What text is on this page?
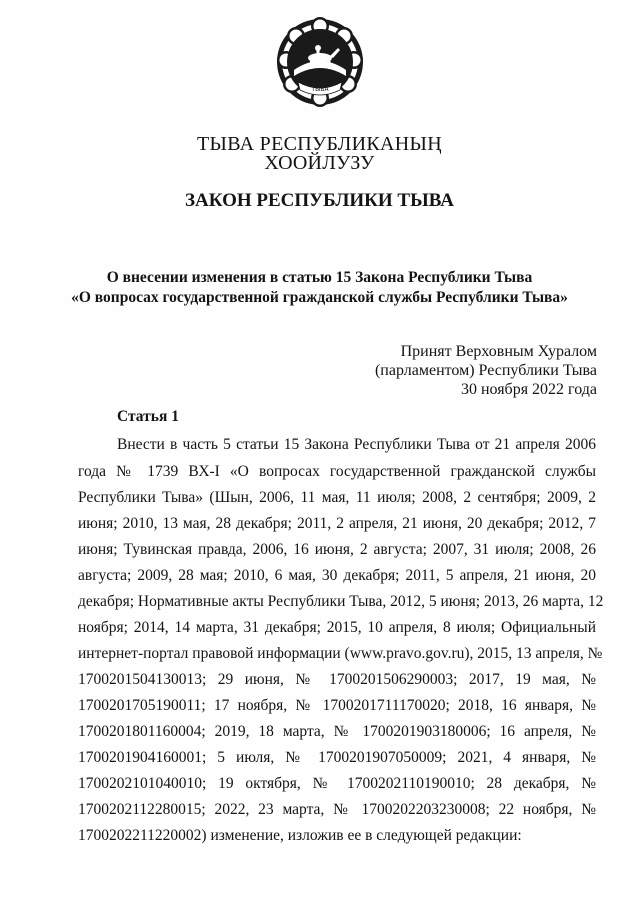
ТЫВА
ТЫВА РЕСПУБЛИКАНЫҢ
ХООЙЛУЗУ
ЗАКОН РЕСПУБЛИКИ ТЫВА
О внесении изменения в статью 15 Закона Республики Тыва
«О вопросах государственной гражданской службы Республики Тыва»
Принят Верховным Хуралом
(парламентом) Республики Тыва
30 ноября 2022 года
Статья 1
Внести в часть 5 статьи 15 Закона Республики Тыва от 21 апреля 2006
года № 1739 ВХ-I «О вопросах государственной гражданской службы
Республики Тыва» (Шын, 2006, 11 мая, 11 июля; 2008, 2 сентября; 2009, 2
июня; 2010, 13 мая, 28 декабря; 2011, 2 апреля, 21 июня, 20 декабря; 2012, 7
июня; Тувинская правда, 2006, 16 июня, 2 августа; 2007, 31 июля; 2008, 26
августа; 2009, 28 мая; 2010, 6 мая, 30 декабря; 2011, 5 апреля, 21 июня, 20
декабря; Нормативные акты Республики Тыва, 2012, 5 июня; 2013, 26 марта, 12
ноября; 2014, 14 марта, 31 декабря; 2015, 10 апреля, 8 июля; Официальный
интернет-портал правовой информации (www.pravo.gov.ru), 2015, 13 апреля, №
1700201504130013; 29 июня, № 1700201506290003; 2017, 19 мая, №
1700201705190011; 17 ноября, № 1700201711170020; 2018, 16 января, №
1700201801160004; 2019, 18 марта, № 1700201903180006; 16 апреля, №
1700201904160001; 5 июля, № 1700201907050009; 2021, 4 января, №
1700202101040010; 19 октября, № 1700202110190010; 28 декабря, №
1700202112280015; 2022, 23 марта, № 1700202203230008; 22 ноября, №
1700202211220002) изменение, изложив ее в следующей редакции:
